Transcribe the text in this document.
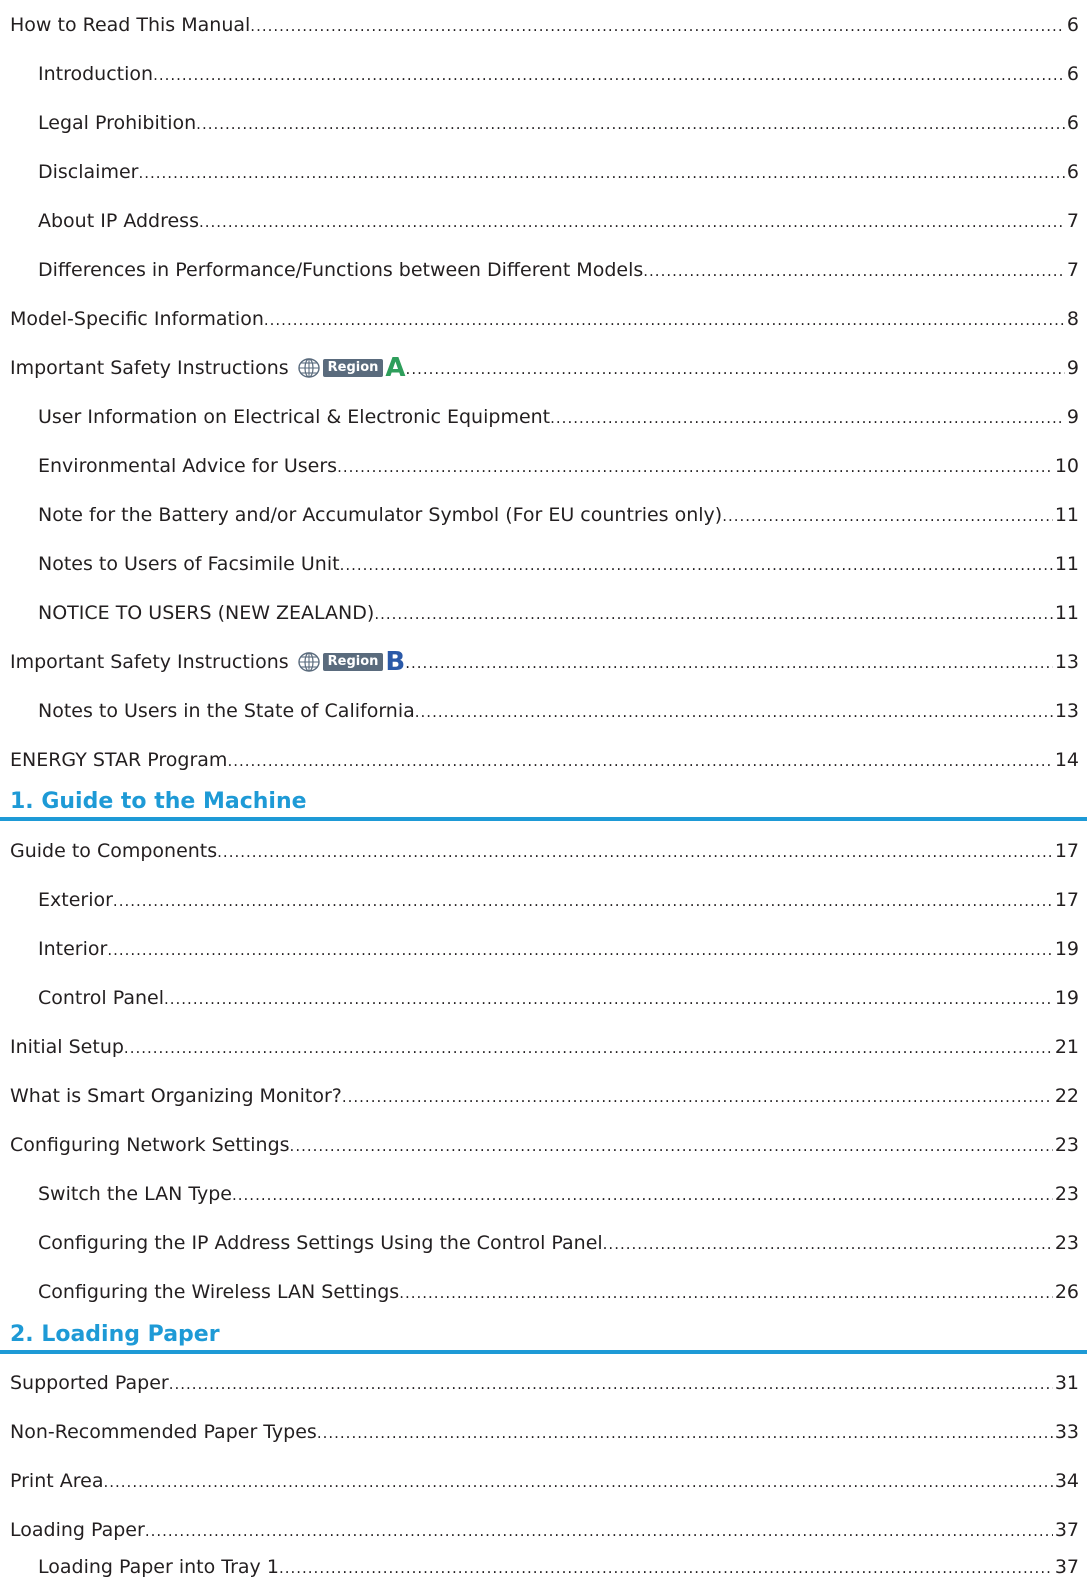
How to Read This Manual .....	6
Introduction .....	6
Legal Prohibition .....	6
Disclaimer .....	6
About IP Address .....	7
Differences in Performance/Functions between Different Models .....	7
Model-Specific Information .....	8
Important Safety Instructions	Region A .....	9
User Information on Electrical & Electronic Equipment .....	9
Environmental Advice for Users .....	10
Note for the Battery and/or Accumulator Symbol (For EU countries only) .....	11
Notes to Users of Facsimile Unit .....	11
NOTICE TO USERS (NEW ZEALAND) .....	11
Important Safety Instructions	Region B .....	13
Notes to Users in the State of California .....	13
ENERGY STAR Program .....	14
1. Guide to the Machine
Guide to Components .....	17
Exterior .....	17
Interior .....	19
Control Panel .....	19
Initial Setup .....	21
What is Smart Organizing Monitor? .....	22
Configuring Network Settings .....	23
Switch the LAN Type .....	23
Configuring the IP Address Settings Using the Control Panel .....	23
Configuring the Wireless LAN Settings .....	26
2. Loading Paper
Supported Paper .....	31
Non-Recommended Paper Types .....	33
Print Area .....	34
Loading Paper .....	37
Loading Paper into Tray 1 .....	37
